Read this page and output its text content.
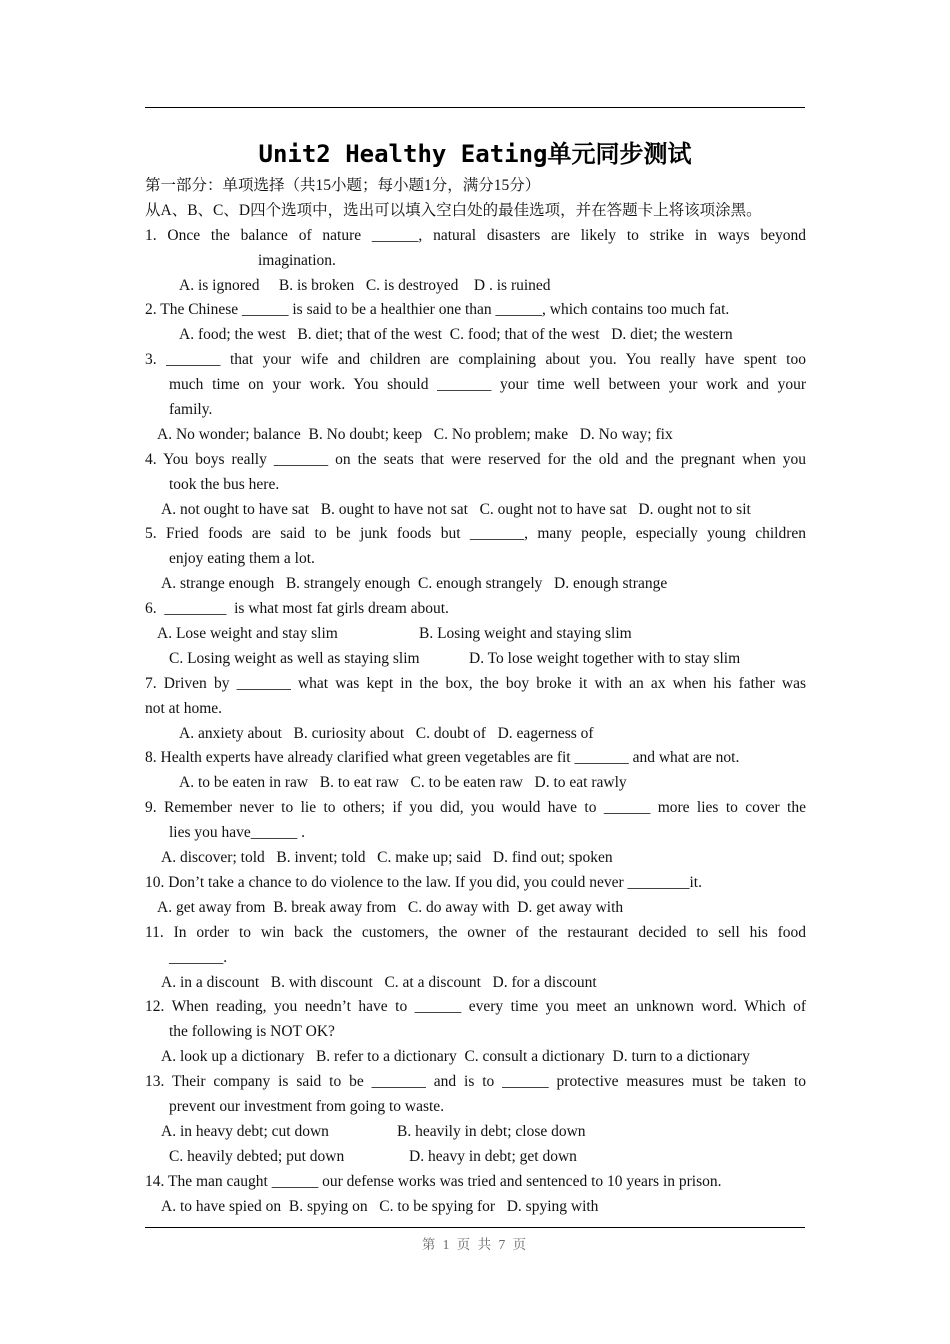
Unit2 Healthy Eating单元同步测试
第一部分：单项选择（共15小题；每小题1分，满分15分）
从A、B、C、D四个选项中，选出可以填入空白处的最佳选项，并在答题卡上将该项涂黑。
1. Once the balance of nature ______, natural disasters are likely to strike in ways beyond
imagination.
A. is ignored     B. is broken   C. is destroyed    D . is ruined
2. The Chinese ______ is said to be a healthier one than ______, which contains too much fat.
A. food; the west   B. diet; that of the west  C. food; that of the west   D. diet; the western
3. _______ that your wife and children are complaining about you. You really have spent too
much time on your work. You should _______ your time well between your work and your
family.
A. No wonder; balance  B. No doubt; keep   C. No problem; make   D. No way; fix
4. You boys really _______ on the seats that were reserved for the old and the pregnant when you
took the bus here.
A. not ought to have sat   B. ought to have not sat   C. ought not to have sat   D. ought not to sit
5. Fried foods are said to be junk foods but _______, many people, especially young children
enjoy eating them a lot.
A. strange enough   B. strangely enough  C. enough strangely   D. enough strange
6.  ________  is what most fat girls dream about.
A. Lose weight and stay slim	B. Losing weight and staying slim
C. Losing weight as well as staying slim	D. To lose weight together with to stay slim
7. Driven by _______ what was kept in the box, the boy broke it with an ax when his father was
not at home.
A. anxiety about   B. curiosity about   C. doubt of   D. eagerness of
8. Health experts have already clarified what green vegetables are fit _______ and what are not.
A. to be eaten in raw   B. to eat raw   C. to be eaten raw   D. to eat rawly
9. Remember never to lie to others; if you did, you would have to ______ more lies to cover the
lies you have______ .
A. discover; told   B. invent; told   C. make up; said   D. find out; spoken
10. Don’t take a chance to do violence to the law. If you did, you could never ________it.
A. get away from  B. break away from   C. do away with  D. get away with
11. In order to win back the customers, the owner of the restaurant decided to sell his food
_______.
A. in a discount   B. with discount   C. at a discount   D. for a discount
12. When reading, you needn’t have to ______ every time you meet an unknown word. Which of
the following is NOT OK?
A. look up a dictionary   B. refer to a dictionary  C. consult a dictionary  D. turn to a dictionary
13. Their company is said to be _______ and is to ______ protective measures must be taken to
prevent our investment from going to waste.
A. in heavy debt; cut down	B. heavily in debt; close down
C. heavily debted; put down	D. heavy in debt; get down
14. The man caught ______ our defense works was tried and sentenced to 10 years in prison.
A. to have spied on  B. spying on   C. to be spying for   D. spying with
第 1 页 共 7 页
